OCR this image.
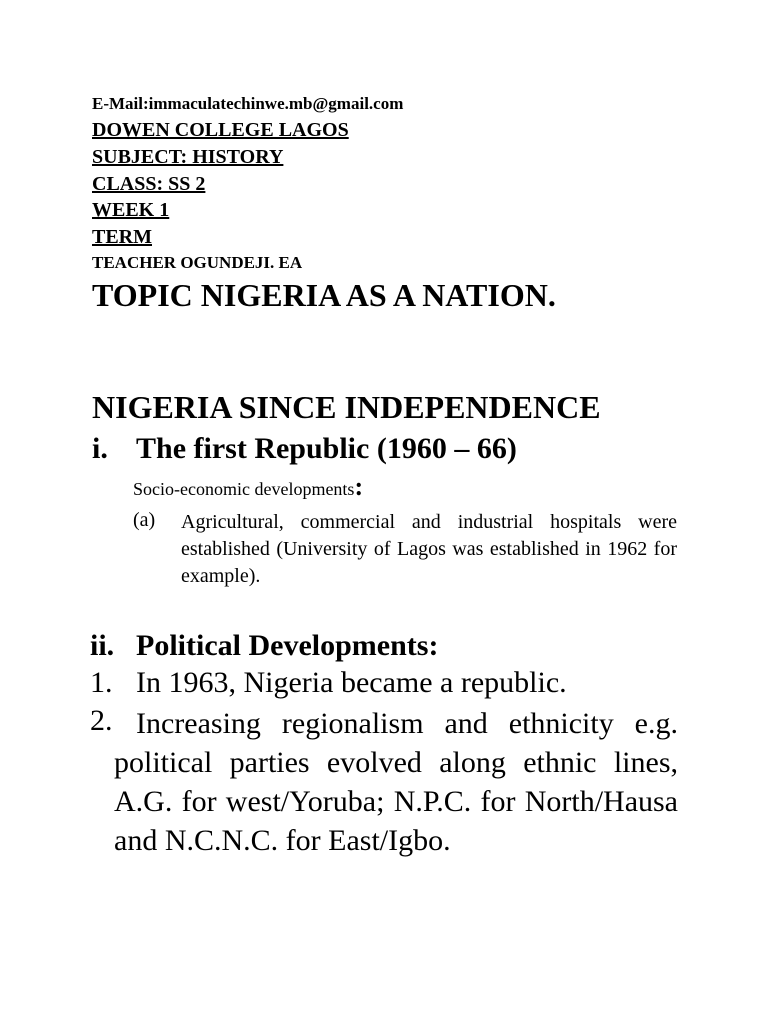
E-Mail:immaculatechinwe.mb@gmail.com

DOWEN COLLEGE LAGOS

SUBJECT: HISTORY

CLASS: SS 2

WEEK 1

TERM

TEACHER OGUNDEJI. EA

TOPIC NIGERIA AS A NATION.
NIGERIA SINCE INDEPENDENCE
i. The first Republic (1960 – 66)

Socio-economic developments:

(a) Agricultural, commercial and industrial hospitals were established (University of Lagos was established in 1962 for example).

ii. Political Developments:
1. In 1963, Nigeria became a republic.

2. Increasing regionalism and ethnicity e.g. political parties evolved along ethnic lines, A.G. for west/Yoruba; N.P.C. for North/Hausa and N.C.N.C. for East/Igbo.
